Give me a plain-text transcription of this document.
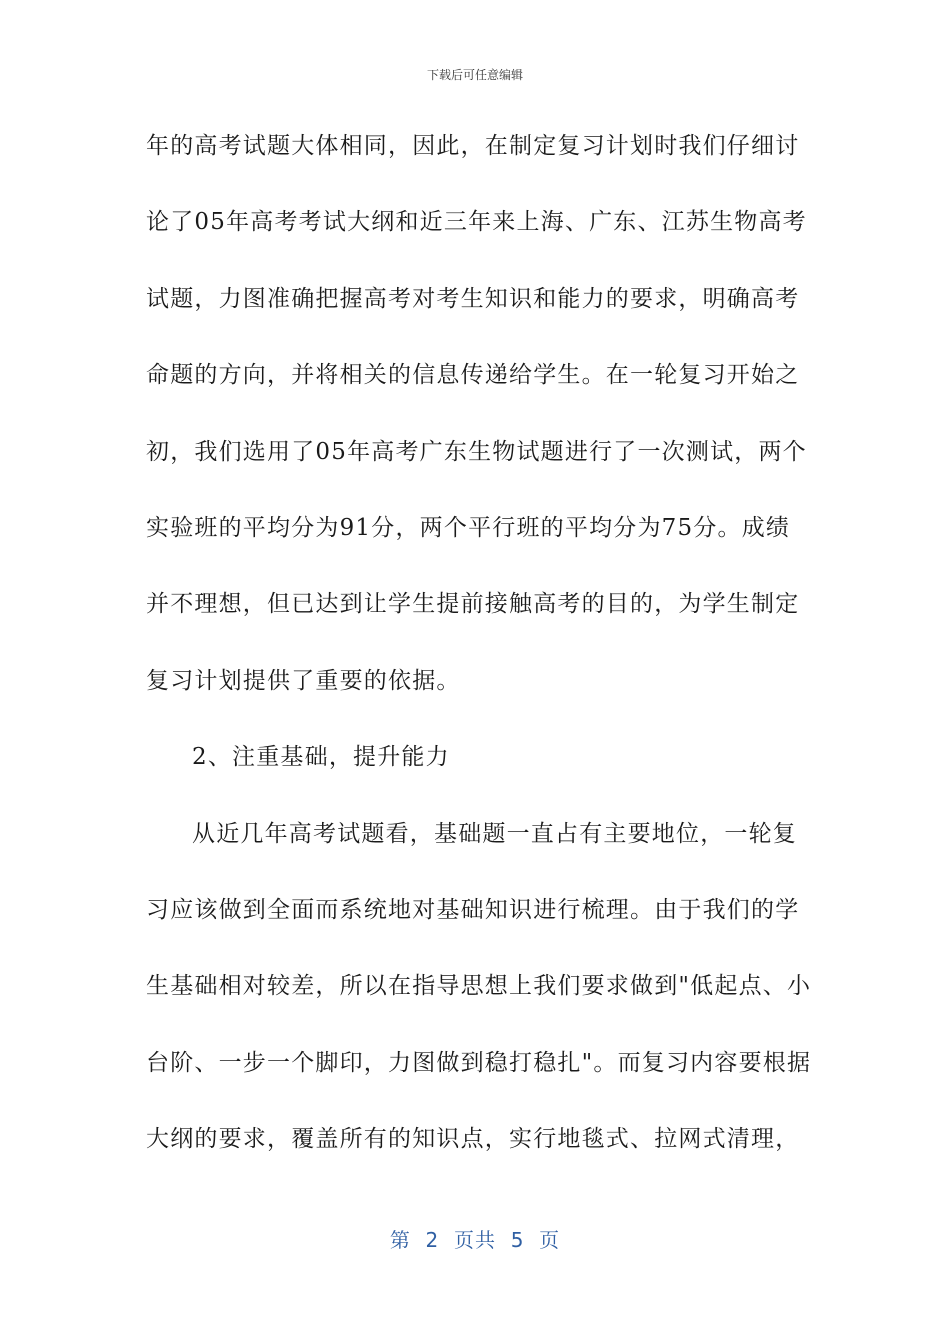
下载后可任意编辑
年的高考试题大体相同，因此，在制定复习计划时我们仔细讨
论了05年高考考试大纲和近三年来上海、广东、江苏生物高考
试题，力图准确把握高考对考生知识和能力的要求，明确高考
命题的方向，并将相关的信息传递给学生。在一轮复习开始之
初，我们选用了05年高考广东生物试题进行了一次测试，两个
实验班的平均分为91分，两个平行班的平均分为75分。成绩
并不理想，但已达到让学生提前接触高考的目的，为学生制定
复习计划提供了重要的依据。
2、注重基础，提升能力
从近几年高考试题看，基础题一直占有主要地位，一轮复
习应该做到全面而系统地对基础知识进行梳理。由于我们的学
生基础相对较差，所以在指导思想上我们要求做到"低起点、小
台阶、一步一个脚印，力图做到稳打稳扎"。而复习内容要根据
大纲的要求，覆盖所有的知识点，实行地毯式、拉网式清理，
第  2  页共  5  页
